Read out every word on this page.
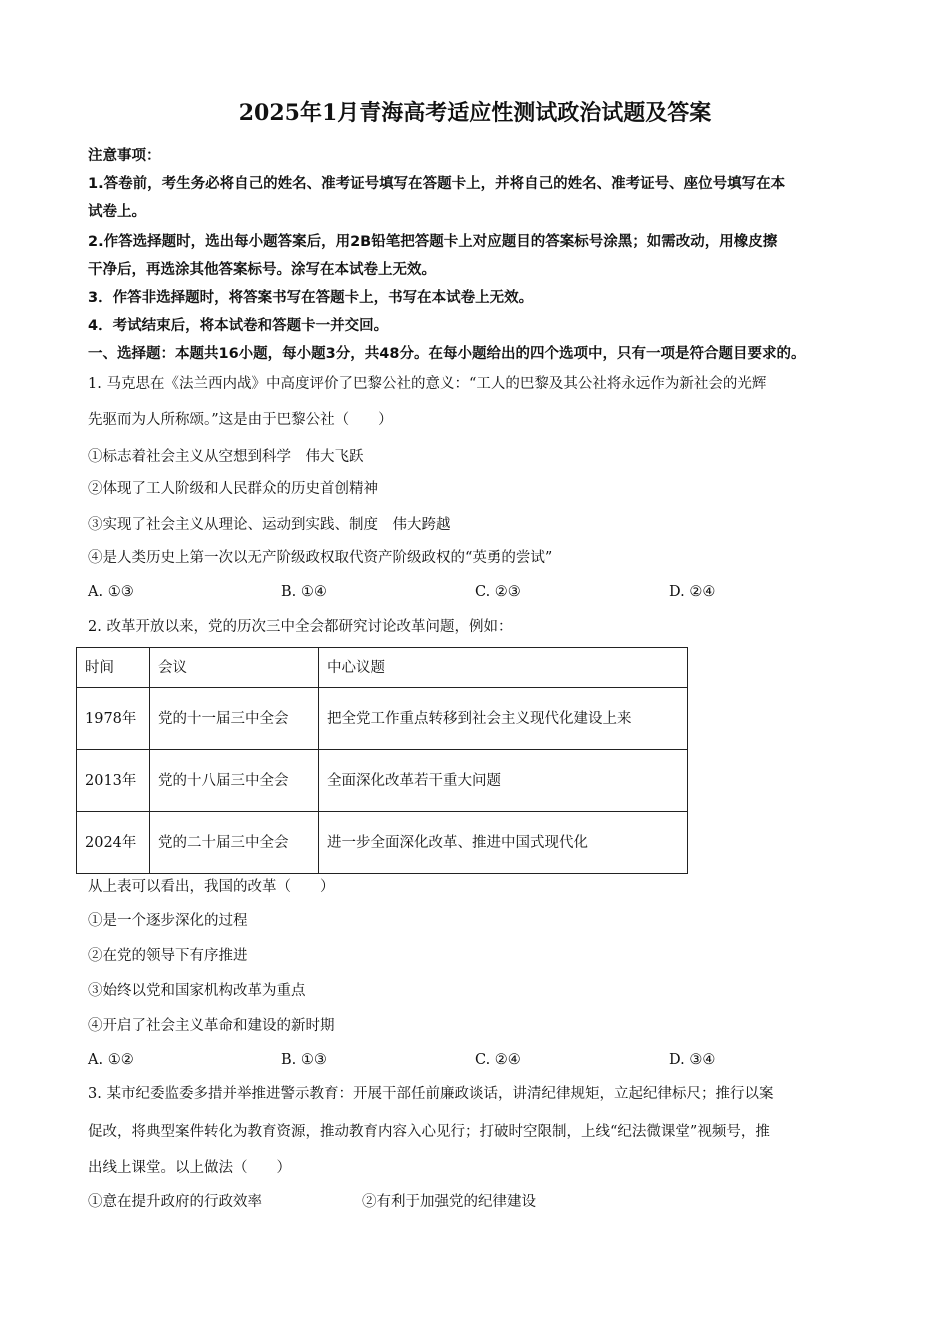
2025年1月青海高考适应性测试政治试题及答案
注意事项：
1.答卷前，考生务必将自己的姓名、准考证号填写在答题卡上，并将自己的姓名、准考证号、座位号填写在本
试卷上。
2.作答选择题时，选出每小题答案后，用2B铅笔把答题卡上对应题目的答案标号涂黑；如需改动，用橡皮擦
干净后，再选涂其他答案标号。涂写在本试卷上无效。
3．作答非选择题时，将答案书写在答题卡上，书写在本试卷上无效。
4．考试结束后，将本试卷和答题卡一并交回。
一、选择题：本题共16小题，每小题3分，共48分。在每小题给出的四个选项中，只有一项是符合题目要求的。
1. 马克思在《法兰西内战》中高度评价了巴黎公社的意义：“工人的巴黎及其公社将永远作为新社会的光辉
先驱而为人所称颂。”这是由于巴黎公社（　　）
①标志着社会主义从空想到科学　伟大飞跃
②体现了工人阶级和人民群众的历史首创精神
③实现了社会主义从理论、运动到实践、制度　伟大跨越
④是人类历史上第一次以无产阶级政权取代资产阶级政权的“英勇的尝试”
A. ①③	B. ①④	C. ②③	D. ②④
2. 改革开放以来，党的历次三中全会都研究讨论改革问题，例如：
时间	会议	中心议题
1978年	党的十一届三中全会	把全党工作重点转移到社会主义现代化建设上来
2013年	党的十八届三中全会	全面深化改革若干重大问题
2024年	党的二十届三中全会	进一步全面深化改革、推进中国式现代化
从上表可以看出，我国的改革（　　）
①是一个逐步深化的过程
②在党的领导下有序推进
③始终以党和国家机构改革为重点
④开启了社会主义革命和建设的新时期
A. ①②	B. ①③	C. ②④	D. ③④
3. 某市纪委监委多措并举推进警示教育：开展干部任前廉政谈话，讲清纪律规矩，立起纪律标尺；推行以案
促改，将典型案件转化为教育资源，推动教育内容入心见行；打破时空限制，上线“纪法微课堂”视频号，推
出线上课堂。以上做法（　　）
①意在提升政府的行政效率	②有利于加强党的纪律建设
